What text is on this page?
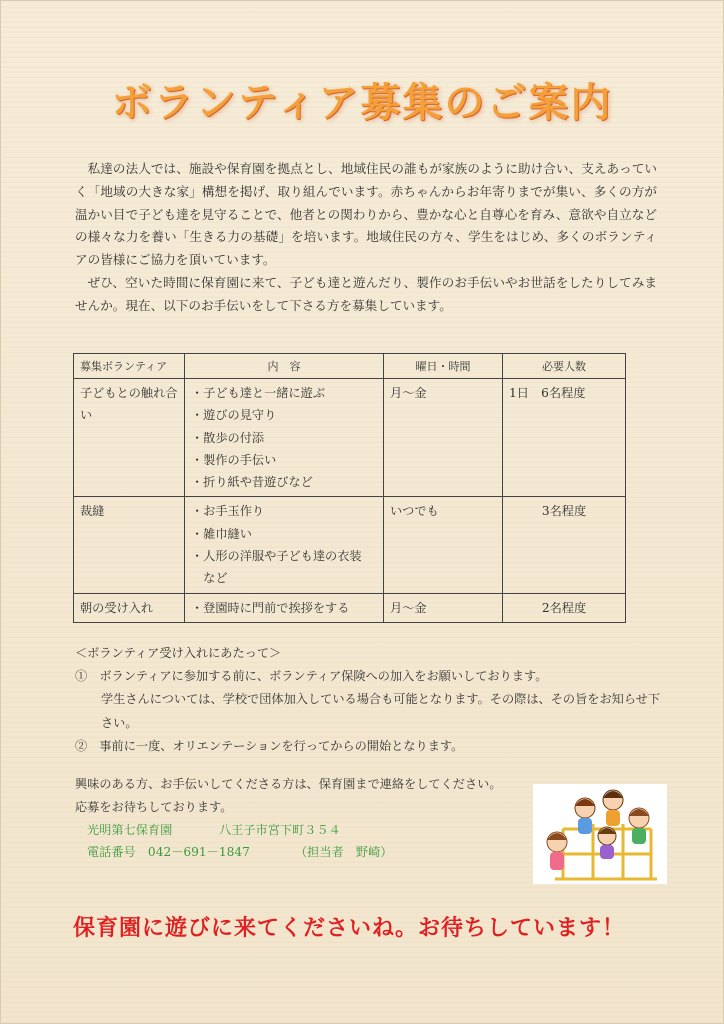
ボランティア募集のご案内

私達の法人では、施設や保育園を拠点とし、地域住民の誰もが家族のように助け合い、支えあっていく「地域の大きな家」構想を掲げ、取り組んでいます。赤ちゃんからお年寄りまでが集い、多くの方が温かい目で子ども達を見守ることで、他者との関わりから、豊かな心と自尊心を育み、意欲や自立などの様々な力を養い「生きる力の基礎」を培います。地域住民の方々、学生をはじめ、多くのボランティアの皆様にご協力を頂いています。

ぜひ、空いた時間に保育園に来て、子ども達と遊んだり、製作のお手伝いやお世話をしたりしてみませんか。現在、以下のお手伝いをして下さる方を募集しています。

募集ボランティア	内　容	曜日・時間	必要人数
子どもとの触れ合い	・子ども達と一緒に遊ぶ
・遊びの見守り
・散歩の付添
・製作の手伝い
・折り紙や昔遊びなど	月～金	1日　6名程度
裁縫	・お手玉作り
・雑巾縫い
・人形の洋服や子ども達の衣装
　など	いつでも	3名程度
朝の受け入れ	・登園時に門前で挨拶をする	月～金	2名程度
＜ボランティア受け入れにあたって＞
①　ボランティアに参加する前に、ボランティア保険への加入をお願いしております。
学生さんについては、学校で団体加入している場合も可能となります。その際は、その旨をお知らせ下さい。
②　事前に一度、オリエンテーションを行ってからの開始となります。
興味のある方、お手伝いしてくださる方は、保育園まで連絡をしてください。
応募をお待ちしております。
光明第七保育園	八王子市宮下町３５４
電話番号　042－691－1847	（担当者　野崎）
保育園に遊びに来てくださいね。お待ちしています！
